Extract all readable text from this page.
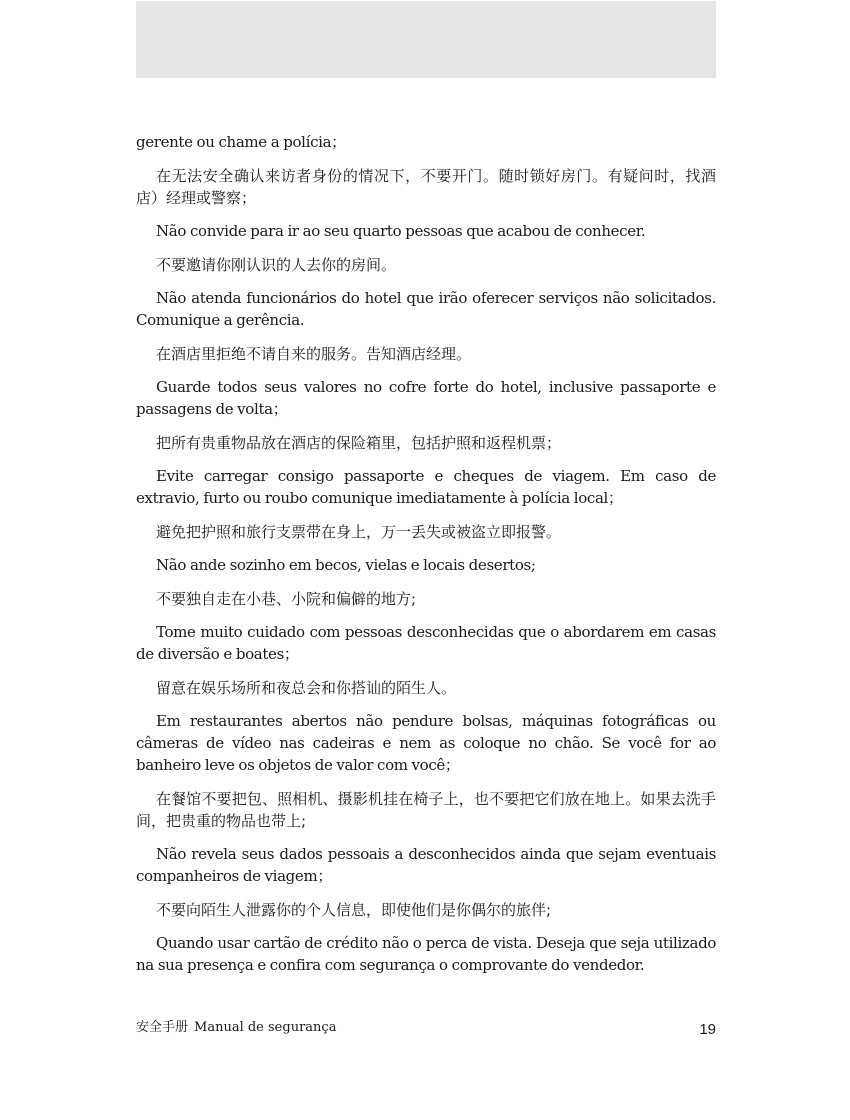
gerente ou chame a polícia；

在无法安全确认来访者身份的情况下，不要开门。随时锁好房门。有疑问时，找酒店）经理或警察；

Não convide para ir ao seu quarto pessoas que acabou de conhecer.

不要邀请你刚认识的人去你的房间。

Não atenda funcionários do hotel que irão oferecer serviços não solicitados. Comunique a gerência.

在酒店里拒绝不请自来的服务。告知酒店经理。

Guarde todos seus valores no cofre forte do hotel, inclusive passaporte e passagens de volta；

把所有贵重物品放在酒店的保险箱里，包括护照和返程机票；

Evite carregar consigo passaporte e cheques de viagem. Em caso de extravio, furto ou roubo comunique imediatamente à polícia local；

避免把护照和旅行支票带在身上，万一丢失或被盗立即报警。

Não ande sozinho em becos, vielas e locais desertos;

不要独自走在小巷、小院和偏僻的地方;

Tome muito cuidado com pessoas desconhecidas que o abordarem em casas de diversão e boates；

留意在娱乐场所和夜总会和你搭讪的陌生人。

Em restaurantes abertos não pendure bolsas, máquinas fotográficas ou câmeras de vídeo nas cadeiras e nem as coloque no chão. Se você for ao banheiro leve os objetos de valor com você；

在餐馆不要把包、照相机、摄影机挂在椅子上，也不要把它们放在地上。如果去洗手间，把贵重的物品也带上;

Não revela seus dados pessoais a desconhecidos ainda que sejam eventuais companheiros de viagem；

不要向陌生人泄露你的个人信息，即使他们是你偶尔的旅伴;

Quando usar cartão de crédito não o perca de vista. Deseja que seja utilizado na sua presença e confira com segurança o comprovante do vendedor.

安全手册 Manual de segurança	19
